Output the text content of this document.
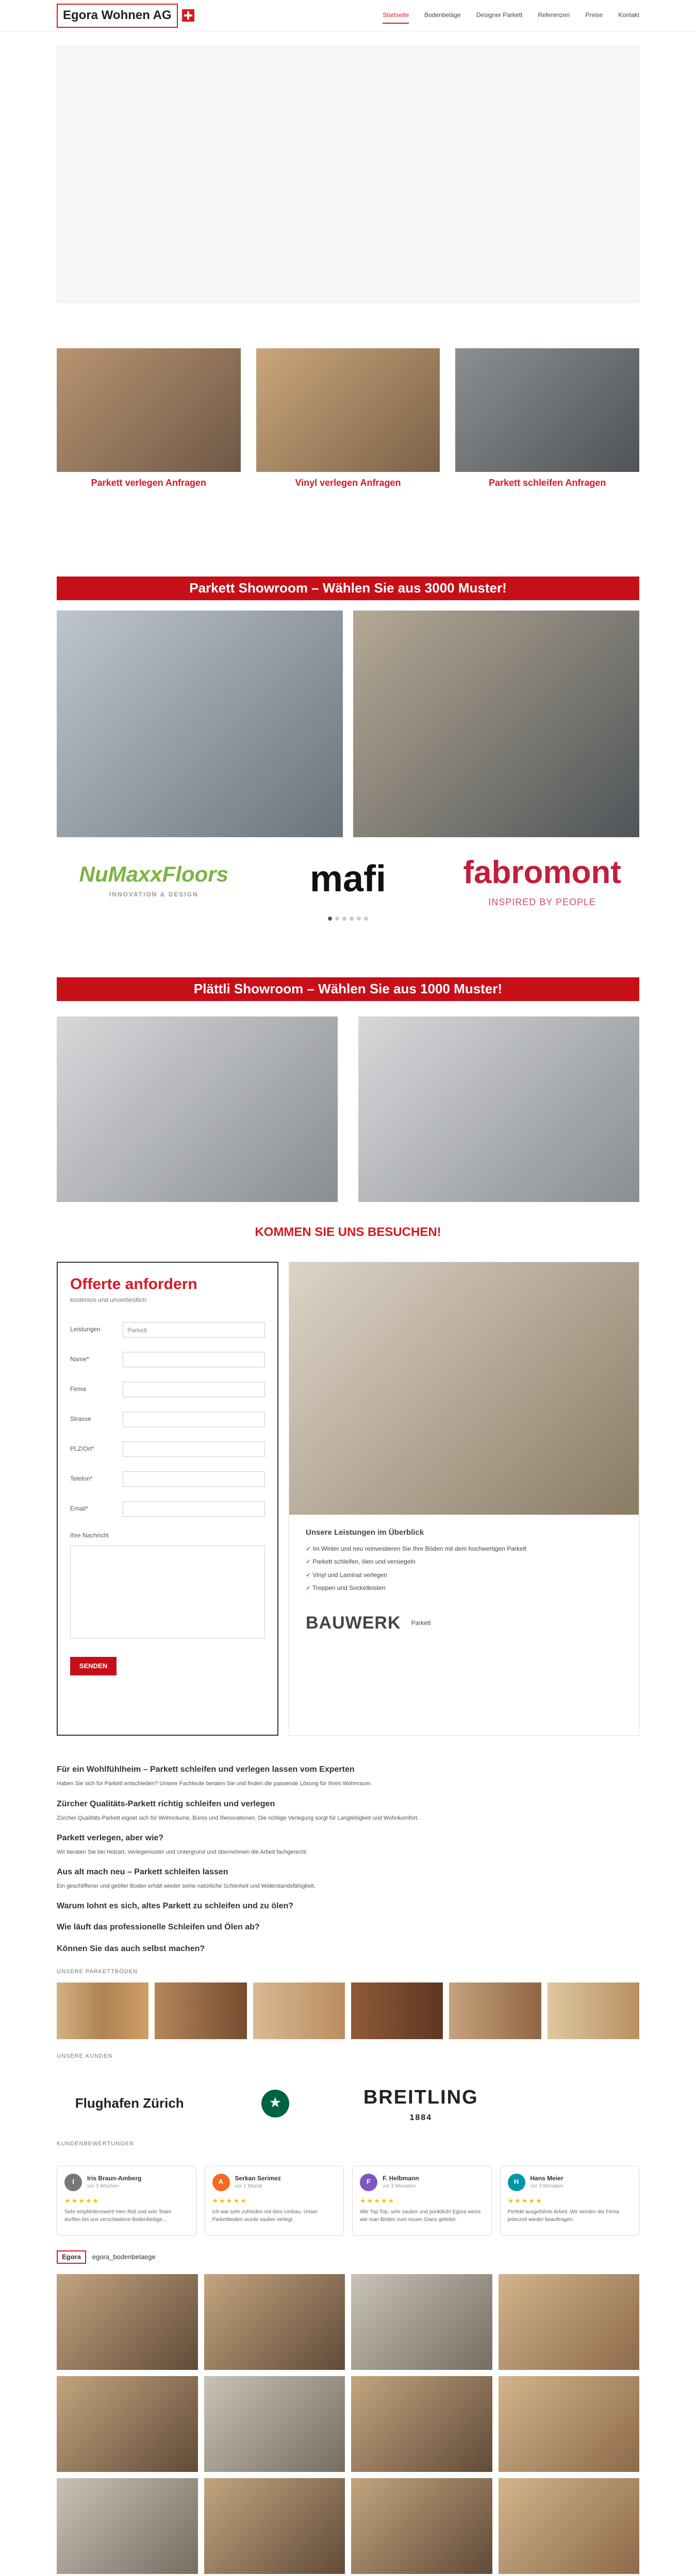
Egora Wohnen AG	Startseite	Bodenbeläge	Designer Parkett	Referenzen	Preise	Kontakt
Parkett verlegen Anfragen	Vinyl verlegen Anfragen	Parkett schleifen Anfragen
Parkett Showroom – Wählen Sie aus 3000 Muster!
NuMaxxFloors
INNOVATION & DESIGN	mafi	fabromont
INSPIRED BY PEOPLE
Plättli Showroom – Wählen Sie aus 1000 Muster!
KOMMEN SIE UNS BESUCHEN!
Offerte anfordern
kostenlos und unverbindlich
Leistungen	Parkett
Name*
Firma
Strasse
PLZ/Ort*
Telefon*
Email*
Ihre Nachricht
SENDEN
Unsere Leistungen im Überblick
✓ Im Winter und neu reinvestieren Sie Ihre Böden mit dem hochwertigen Parkett
✓ Parkett schleifen, ölen und versiegeln
✓ Vinyl und Laminat verlegen
✓ Treppen und Sockelleisten
BAUWERK Parkett
Für ein Wohlfühlheim – Parkett schleifen und verlegen lassen vom Experten

Haben Sie sich für Parkett entschieden? Unsere Fachleute beraten Sie und finden die passende Lösung für Ihren Wohnraum.

Zürcher Qualitäts-Parkett richtig schleifen und verlegen

Zürcher Qualitäts-Parkett eignet sich für Wohnräume, Büros und Renovationen. Die richtige Verlegung sorgt für Langlebigkeit und Wohnkomfort.

Parkett verlegen, aber wie?

Wir beraten Sie bei Holzart, Verlegemuster und Untergrund und übernehmen die Arbeit fachgerecht.

Aus alt mach neu – Parkett schleifen lassen

Ein geschliffener und geölter Boden erhält wieder seine natürliche Schönheit und Widerstandsfähigkeit.

Warum lohnt es sich, altes Parkett zu schleifen und zu ölen?
Wie läuft das professionelle Schleifen und Ölen ab?
Können Sie das auch selbst machen?
UNSERE PARKETTBÖDEN
UNSERE KUNDEN
Flughafen Zürich	★	BREITLING
1884
KUNDENBEWERTUNGEN
I	Iris Braun-Amberg
vor 3 Wochen
★★★★★
Sehr empfehlenswert! Herr Reli und sein Team durften bei uns verschiedene Bodenbeläge...
A	Serkan Serimez
vor 1 Monat
★★★★★
Ich war sehr zufrieden mit dem Umbau. Unser Parkettboden wurde sauber verlegt.
F	F. Helbmann
vor 2 Monaten
★★★★★
Alle Top Top, sehr sauber und pünktlich! Egora weiss wie man Böden zum neuen Glanz geleitet.
H	Hans Meier
vor 3 Monaten
★★★★★
Perfekt ausgeführte Arbeit. Wir würden die Firma jederzeit wieder beauftragen.
Egora	egora_bodenbelaege
